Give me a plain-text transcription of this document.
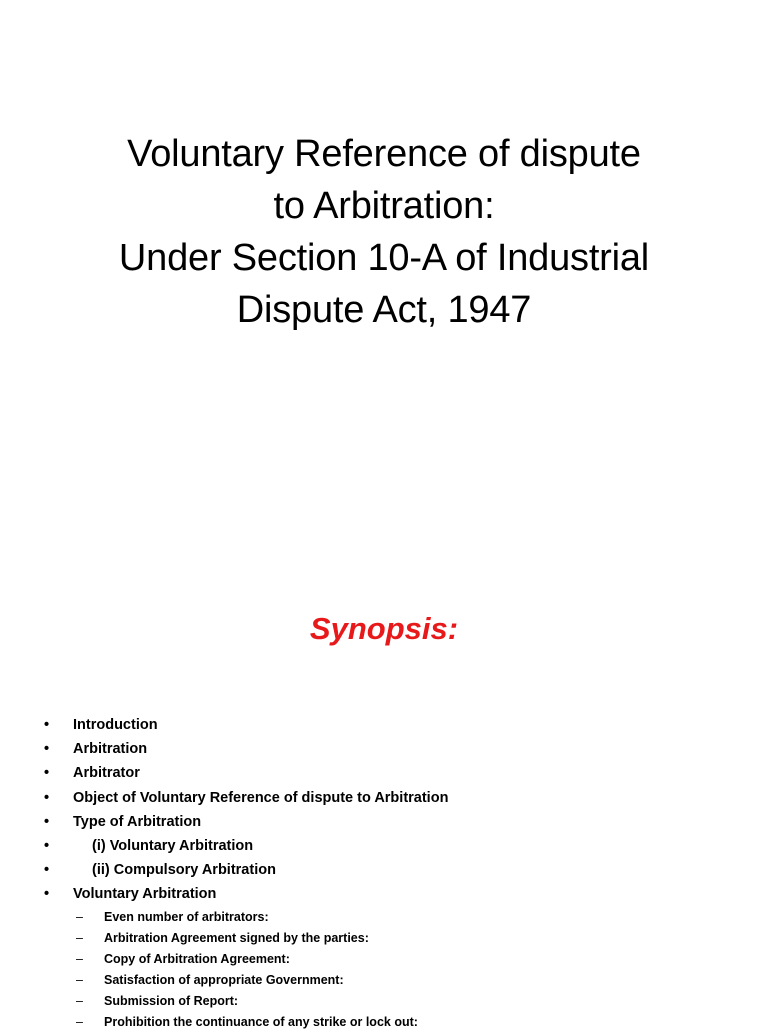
Voluntary Reference of dispute
to Arbitration:
Under Section 10-A of Industrial
Dispute Act, 1947
Synopsis:
• Introduction
• Arbitration
• Arbitrator
• Object of Voluntary Reference of dispute to Arbitration
• Type of Arbitration
•	(i) Voluntary Arbitration
•	(ii) Compulsory Arbitration
• Voluntary Arbitration
– Even number of arbitrators:
– Arbitration Agreement signed by the parties:
– Copy of Arbitration Agreement:
– Satisfaction of appropriate Government:
– Submission of Report:
– Prohibition the continuance of any strike or lock out:
